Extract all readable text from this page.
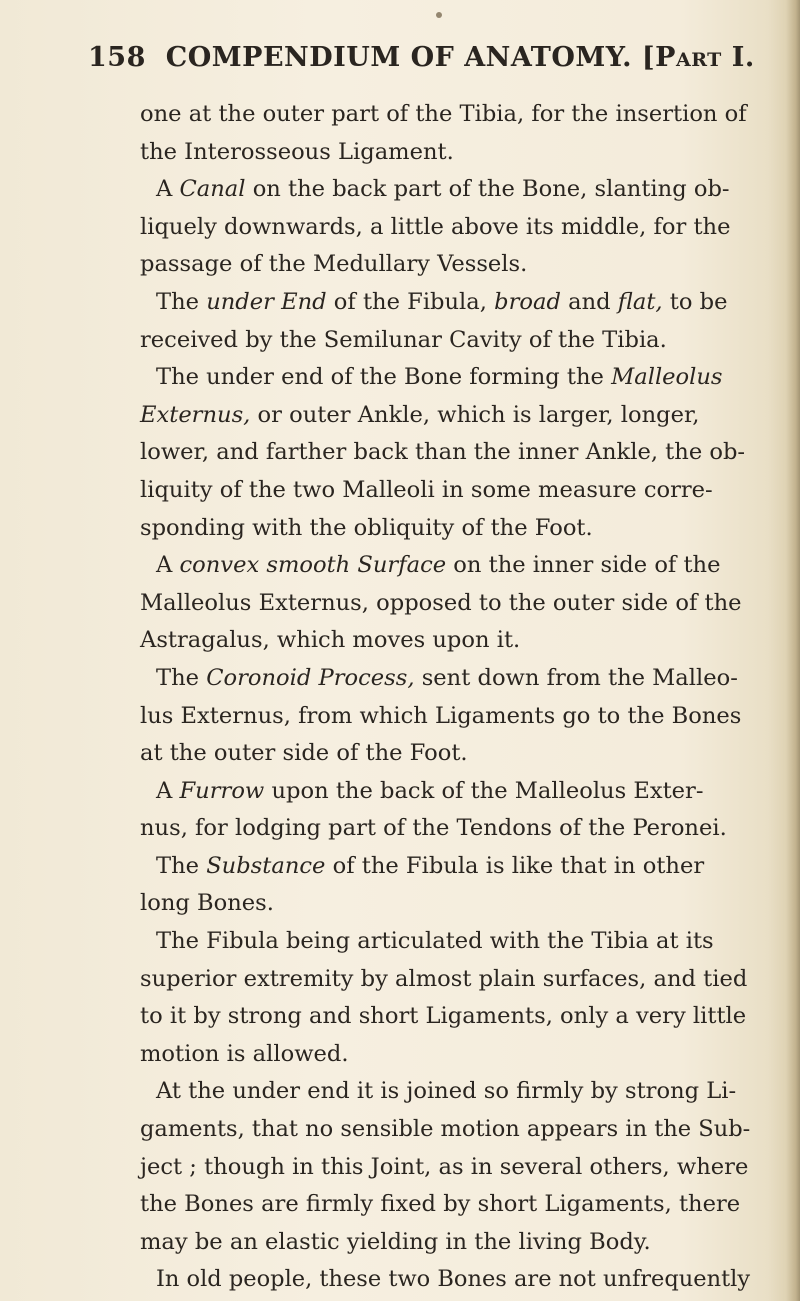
158 COMPENDIUM OF ANATOMY. [Part I.
one at the outer part of the Tibia, for the insertion of
the Interosseous Ligament.
A Canal on the back part of the Bone, slanting ob-
liquely downwards, a little above its middle, for the
passage of the Medullary Vessels.
The under End of the Fibula, broad and flat, to be
received by the Semilunar Cavity of the Tibia.
The under end of the Bone forming the Malleolus
Externus, or outer Ankle, which is larger, longer,
lower, and farther back than the inner Ankle, the ob-
liquity of the two Malleoli in some measure corre-
sponding with the obliquity of the Foot.
A convex smooth Surface on the inner side of the
Malleolus Externus, opposed to the outer side of the
Astragalus, which moves upon it.
The Coronoid Process, sent down from the Malleo-
lus Externus, from which Ligaments go to the Bones
at the outer side of the Foot.
A Furrow upon the back of the Malleolus Exter-
nus, for lodging part of the Tendons of the Peronei.
The Substance of the Fibula is like that in other
long Bones.
The Fibula being articulated with the Tibia at its
superior extremity by almost plain surfaces, and tied
to it by strong and short Ligaments, only a very little
motion is allowed.
At the under end it is joined so firmly by strong Li-
gaments, that no sensible motion appears in the Sub-
ject ; though in this Joint, as in several others, where
the Bones are firmly fixed by short Ligaments, there
may be an elastic yielding in the living Body.
In old people, these two Bones are not unfrequently
